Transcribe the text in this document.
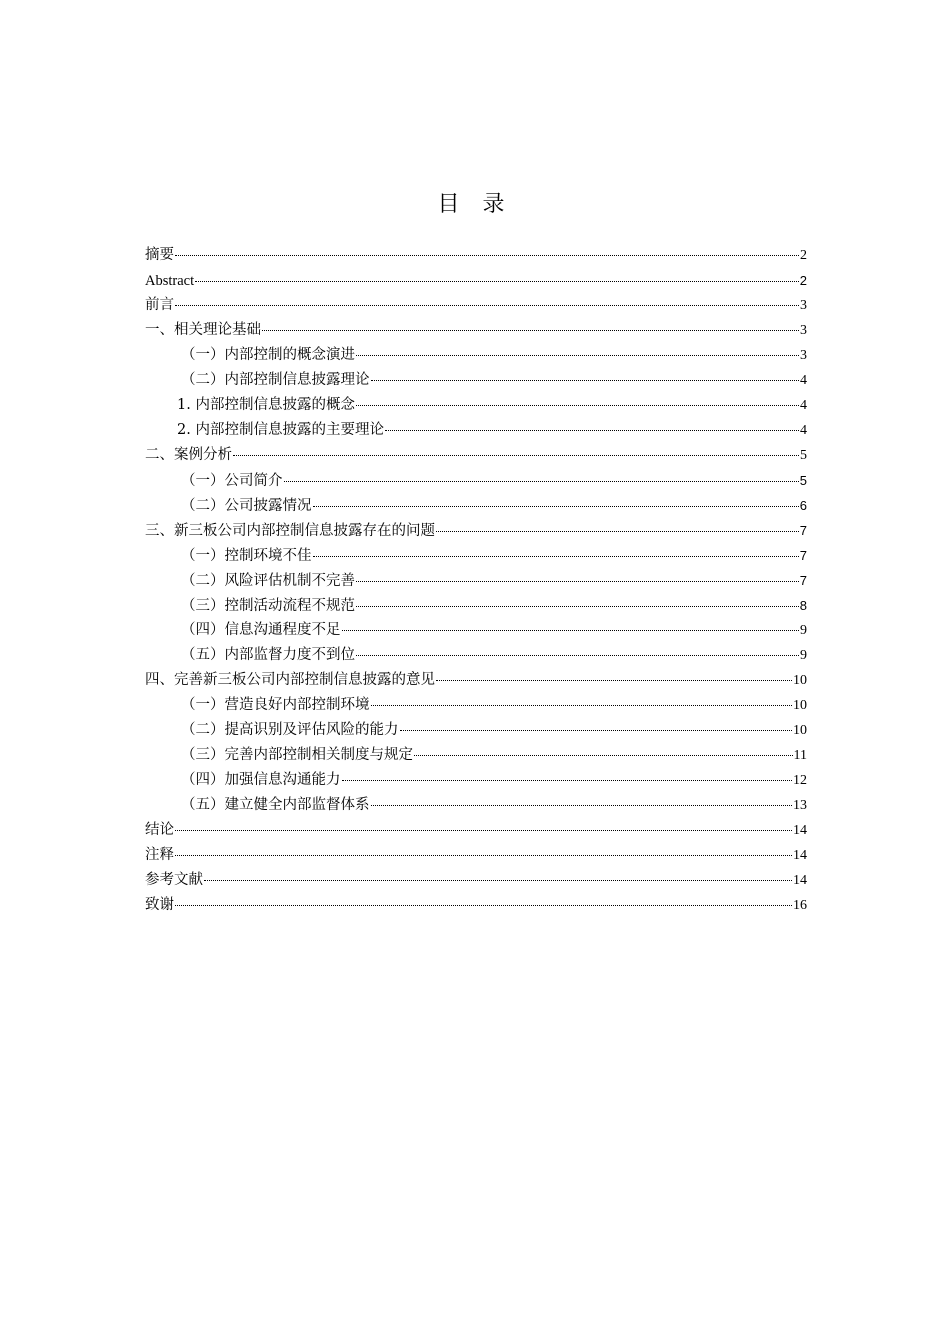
目 录
摘要	2
Abstract	2
前言	3
一、相关理论基础	3
（一）内部控制的概念演进	3
（二）内部控制信息披露理论	4
1. 内部控制信息披露的概念	4
2. 内部控制信息披露的主要理论	4
二、案例分析	5
（一）公司简介	5
（二）公司披露情况	6
三、新三板公司内部控制信息披露存在的问题	7
（一）控制环境不佳	7
（二）风险评估机制不完善	7
（三）控制活动流程不规范	8
（四）信息沟通程度不足	9
（五）内部监督力度不到位	9
四、完善新三板公司内部控制信息披露的意见	10
（一）营造良好内部控制环境	10
（二）提高识别及评估风险的能力	10
（三）完善内部控制相关制度与规定	11
（四）加强信息沟通能力	12
（五）建立健全内部监督体系	13
结论	14
注释	14
参考文献	14
致谢	16
